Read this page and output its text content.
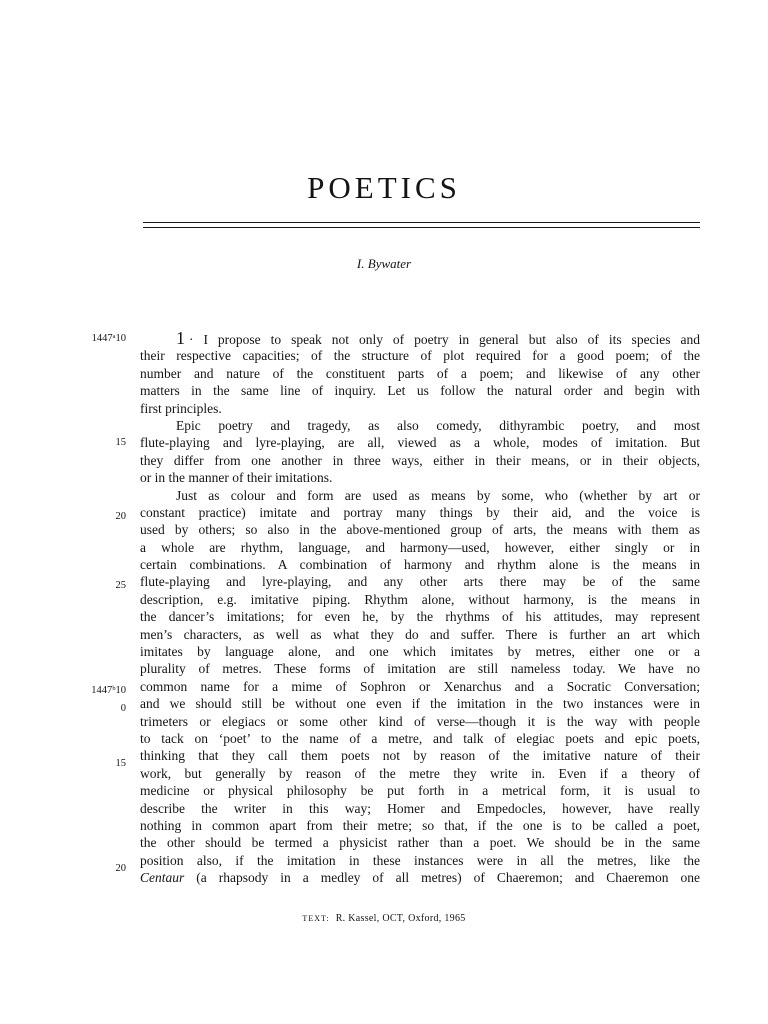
POETICS
I. Bywater
1447ᵃ10
15
20
25
1447ᵇ10
0
15
20
1 · I propose to speak not only of poetry in general but also of its species and
their respective capacities; of the structure of plot required for a good poem; of the
number and nature of the constituent parts of a poem; and likewise of any other
matters in the same line of inquiry. Let us follow the natural order and begin with
first principles.
Epic poetry and tragedy, as also comedy, dithyrambic poetry, and most
flute-playing and lyre-playing, are all, viewed as a whole, modes of imitation. But
they differ from one another in three ways, either in their means, or in their objects,
or in the manner of their imitations.
Just as colour and form are used as means by some, who (whether by art or
constant practice) imitate and portray many things by their aid, and the voice is
used by others; so also in the above-mentioned group of arts, the means with them as
a whole are rhythm, language, and harmony—used, however, either singly or in
certain combinations. A combination of harmony and rhythm alone is the means in
flute-playing and lyre-playing, and any other arts there may be of the same
description, e.g. imitative piping. Rhythm alone, without harmony, is the means in
the dancer’s imitations; for even he, by the rhythms of his attitudes, may represent
men’s characters, as well as what they do and suffer. There is further an art which
imitates by language alone, and one which imitates by metres, either one or a
plurality of metres. These forms of imitation are still nameless today. We have no
common name for a mime of Sophron or Xenarchus and a Socratic Conversation;
and we should still be without one even if the imitation in the two instances were in
trimeters or elegiacs or some other kind of verse—though it is the way with people
to tack on ‘poet’ to the name of a metre, and talk of elegiac poets and epic poets,
thinking that they call them poets not by reason of the imitative nature of their
work, but generally by reason of the metre they write in. Even if a theory of
medicine or physical philosophy be put forth in a metrical form, it is usual to
describe the writer in this way; Homer and Empedocles, however, have really
nothing in common apart from their metre; so that, if the one is to be called a poet,
the other should be termed a physicist rather than a poet. We should be in the same
position also, if the imitation in these instances were in all the metres, like the
Centaur (a rhapsody in a medley of all metres) of Chaeremon; and Chaeremon one
TEXT: R. Kassel, OCT, Oxford, 1965
